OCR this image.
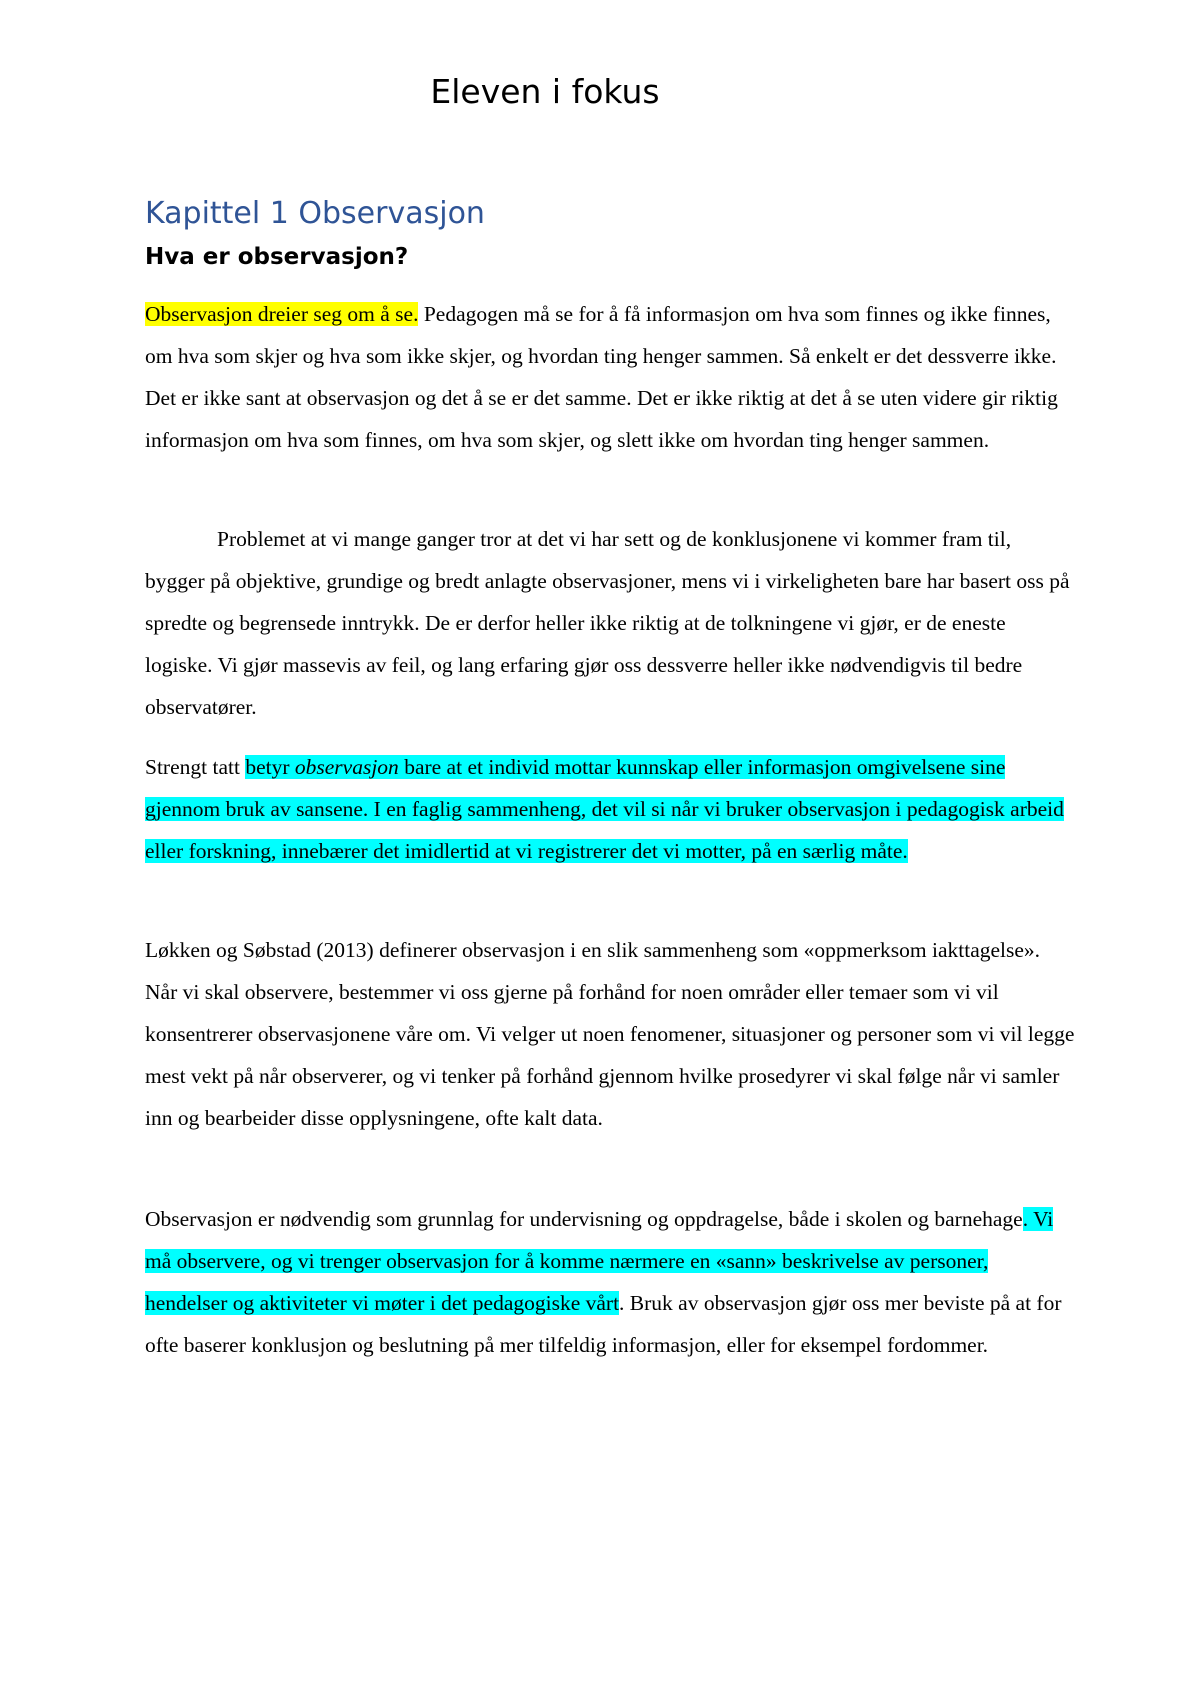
Eleven i fokus
Kapittel 1 Observasjon
Hva er observasjon?

Observasjon dreier seg om å se. Pedagogen må se for å få informasjon om hva som finnes og ikke finnes, om hva som skjer og hva som ikke skjer, og hvordan ting henger sammen. Så enkelt er det dessverre ikke. Det er ikke sant at observasjon og det å se er det samme. Det er ikke riktig at det å se uten videre gir riktig informasjon om hva som finnes, om hva som skjer, og slett ikke om hvordan ting henger sammen.

Problemet at vi mange ganger tror at det vi har sett og de konklusjonene vi kommer fram til, bygger på objektive, grundige og bredt anlagte observasjoner, mens vi i virkeligheten bare har basert oss på spredte og begrensede inntrykk. De er derfor heller ikke riktig at de tolkningene vi gjør, er de eneste logiske. Vi gjør massevis av feil, og lang erfaring gjør oss dessverre heller ikke nødvendigvis til bedre observatører.

Strengt tatt betyr observasjon bare at et individ mottar kunnskap eller informasjon omgivelsene sine gjennom bruk av sansene. I en faglig sammenheng, det vil si når vi bruker observasjon i pedagogisk arbeid eller forskning, innebærer det imidlertid at vi registrerer det vi motter, på en særlig måte.

Løkken og Søbstad (2013) definerer observasjon i en slik sammenheng som «oppmerksom iakttagelse». Når vi skal observere, bestemmer vi oss gjerne på forhånd for noen områder eller temaer som vi vil konsentrerer observasjonene våre om. Vi velger ut noen fenomener, situasjoner og personer som vi vil legge mest vekt på når observerer, og vi tenker på forhånd gjennom hvilke prosedyrer vi skal følge når vi samler inn og bearbeider disse opplysningene, ofte kalt data.

Observasjon er nødvendig som grunnlag for undervisning og oppdragelse, både i skolen og barnehage. Vi må observere, og vi trenger observasjon for å komme nærmere en «sann» beskrivelse av personer, hendelser og aktiviteter vi møter i det pedagogiske vårt. Bruk av observasjon gjør oss mer beviste på at for ofte baserer konklusjon og beslutning på mer tilfeldig informasjon, eller for eksempel fordommer.
